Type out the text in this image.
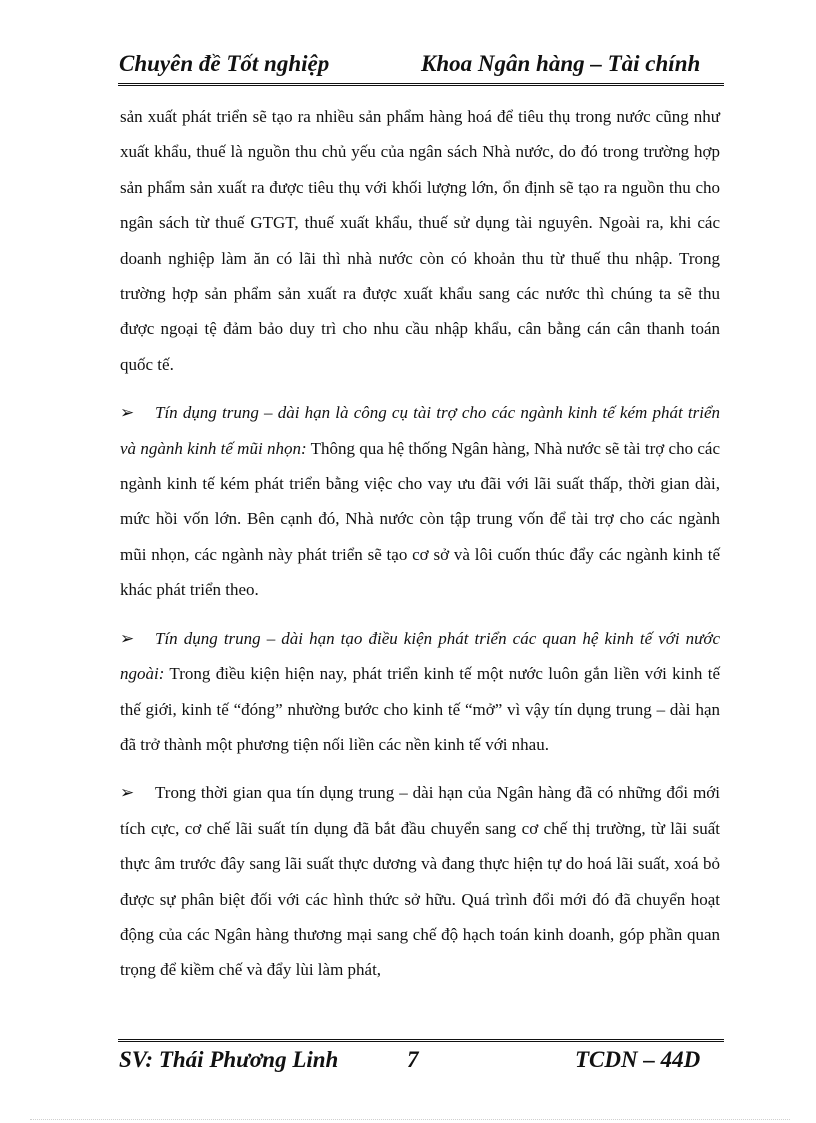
Chuyên đề Tốt nghiệp	Khoa Ngân hàng – Tài chính

sản xuất phát triển sẽ tạo ra nhiều sản phẩm hàng hoá để tiêu thụ trong nước cũng như xuất khẩu, thuế là nguồn thu chủ yếu của ngân sách Nhà nước, do đó trong trường hợp sản phẩm sản xuất ra được tiêu thụ với khối lượng lớn, ổn định sẽ tạo ra nguồn thu cho ngân sách từ thuế GTGT, thuế xuất khẩu, thuế sử dụng tài nguyên. Ngoài ra, khi các doanh nghiệp làm ăn có lãi thì nhà nước còn có khoản thu từ thuế thu nhập. Trong trường hợp sản phẩm sản xuất ra được xuất khẩu sang các nước thì chúng ta sẽ thu được ngoại tệ đảm bảo duy trì cho nhu cầu nhập khẩu, cân bằng cán cân thanh toán quốc tế.

➢ Tín dụng trung – dài hạn là công cụ tài trợ cho các ngành kinh tế kém phát triển và ngành kinh tế mũi nhọn: Thông qua hệ thống Ngân hàng, Nhà nước sẽ tài trợ cho các ngành kinh tế kém phát triển bằng việc cho vay ưu đãi với lãi suất thấp, thời gian dài, mức hồi vốn lớn. Bên cạnh đó, Nhà nước còn tập trung vốn để tài trợ cho các ngành mũi nhọn, các ngành này phát triển sẽ tạo cơ sở và lôi cuốn thúc đẩy các ngành kinh tế khác phát triển theo.

➢ Tín dụng trung – dài hạn tạo điều kiện phát triển các quan hệ kinh tế với nước ngoài: Trong điều kiện hiện nay, phát triển kinh tế một nước luôn gắn liền với kinh tế thế giới, kinh tế “đóng” nhường bước cho kinh tế “mở” vì vậy tín dụng trung – dài hạn đã trở thành một phương tiện nối liền các nền kinh tế với nhau.

➢ Trong thời gian qua tín dụng trung – dài hạn của Ngân hàng đã có những đổi mới tích cực, cơ chế lãi suất tín dụng đã bắt đầu chuyển sang cơ chế thị trường, từ lãi suất thực âm trước đây sang lãi suất thực dương và đang thực hiện tự do hoá lãi suất, xoá bỏ được sự phân biệt đối với các hình thức sở hữu. Quá trình đổi mới đó đã chuyển hoạt động của các Ngân hàng thương mại sang chế độ hạch toán kinh doanh, góp phần quan trọng để kiềm chế và đẩy lùi làm phát,

SV: Thái Phương Linh	7	TCDN – 44D
